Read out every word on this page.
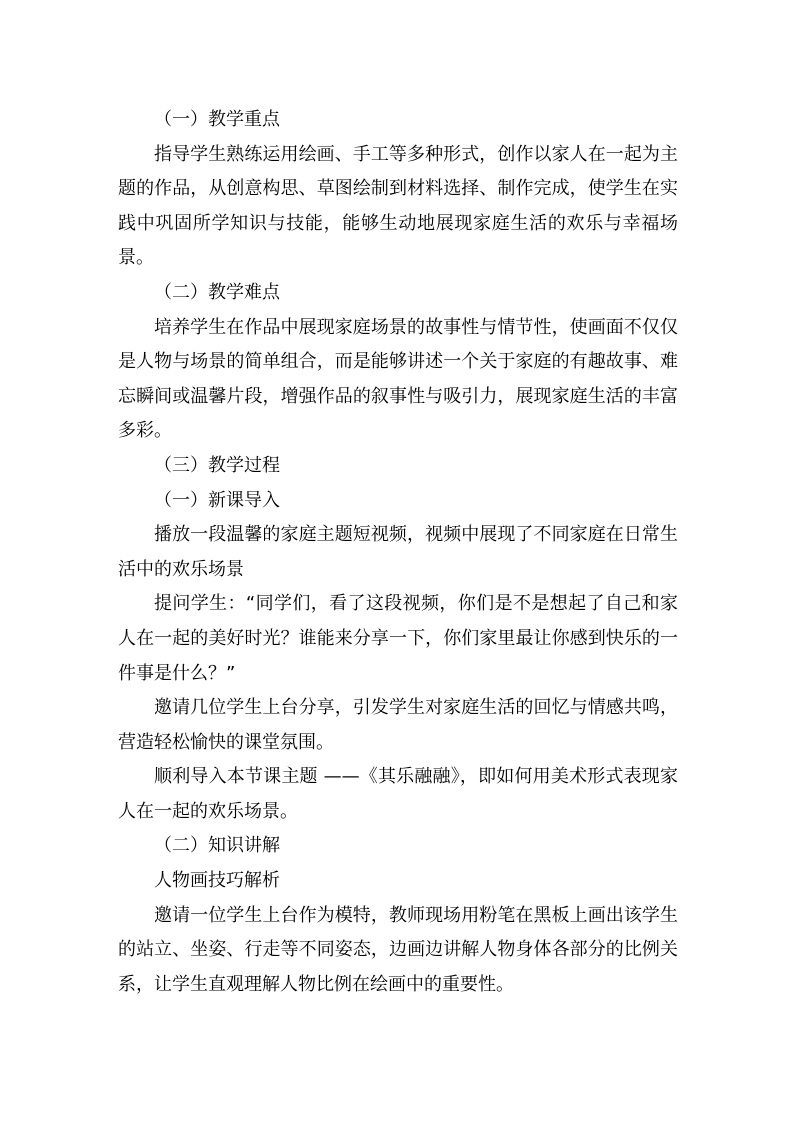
（一）教学重点

指导学生熟练运用绘画、手工等多种形式，创作以家人在一起为主题的作品，从创意构思、草图绘制到材料选择、制作完成，使学生在实践中巩固所学知识与技能，能够生动地展现家庭生活的欢乐与幸福场景。

（二）教学难点

培养学生在作品中展现家庭场景的故事性与情节性，使画面不仅仅是人物与场景的简单组合，而是能够讲述一个关于家庭的有趣故事、难忘瞬间或温馨片段，增强作品的叙事性与吸引力，展现家庭生活的丰富多彩。

（三）教学过程

（一）新课导入

播放一段温馨的家庭主题短视频，视频中展现了不同家庭在日常生活中的欢乐场景

提问学生：“同学们，看了这段视频，你们是不是想起了自己和家人在一起的美好时光？谁能来分享一下，你们家里最让你感到快乐的一件事是什么？”

邀请几位学生上台分享，引发学生对家庭生活的回忆与情感共鸣，营造轻松愉快的课堂氛围。

顺利导入本节课主题 ——《其乐融融》，即如何用美术形式表现家人在一起的欢乐场景。

（二）知识讲解

人物画技巧解析

邀请一位学生上台作为模特，教师现场用粉笔在黑板上画出该学生的站立、坐姿、行走等不同姿态，边画边讲解人物身体各部分的比例关系，让学生直观理解人物比例在绘画中的重要性。
